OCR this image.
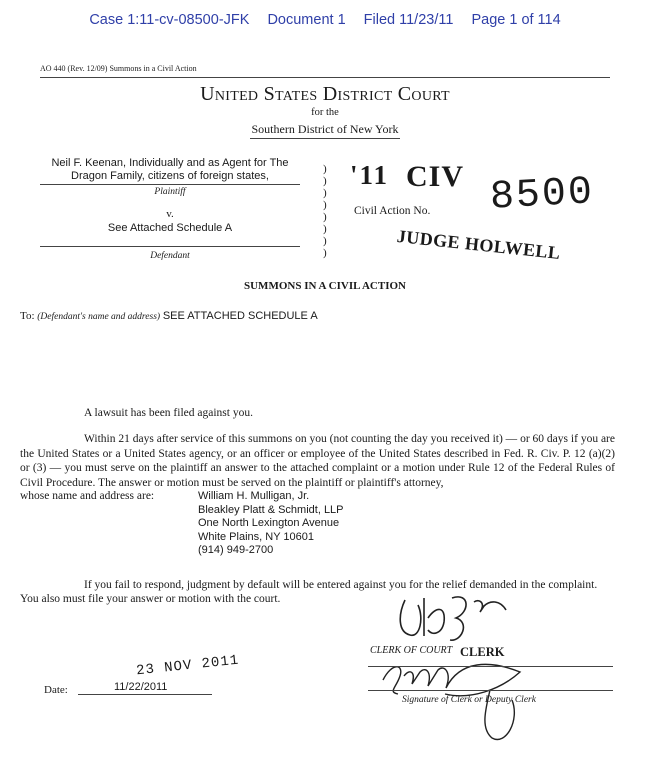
Case 1:11-cv-08500-JFK Document 1 Filed 11/23/11 Page 1 of 114
AO 440 (Rev. 12/09) Summons in a Civil Action
United States District Court
for the
Southern District of New York
Neil F. Keenan, Individually and as Agent for The Dragon Family, citizens of foreign states,
Plaintiff
v.
See Attached Schedule A
Defendant
)
)
)
)
)
)
)
)
'11 CIV 8500
Civil Action No.
JUDGE HOLWELL
SUMMONS IN A CIVIL ACTION
To: (Defendant's name and address) SEE ATTACHED SCHEDULE A
A lawsuit has been filed against you.
Within 21 days after service of this summons on you (not counting the day you received it) — or 60 days if you are the United States or a United States agency, or an officer or employee of the United States described in Fed. R. Civ. P. 12 (a)(2) or (3) — you must serve on the plaintiff an answer to the attached complaint or a motion under Rule 12 of the Federal Rules of Civil Procedure. The answer or motion must be served on the plaintiff or plaintiff's attorney,
whose name and address are:	William H. Mulligan, Jr.
Bleakley Platt & Schmidt, LLP
One North Lexington Avenue
White Plains, NY 10601
(914) 949-2700
If you fail to respond, judgment by default will be entered against you for the relief demanded in the complaint.
You also must file your answer or motion with the court.
CLERK OF COURT CLERK
Signature of Clerk or Deputy Clerk
23 NOV 2011
Date:	11/22/2011
